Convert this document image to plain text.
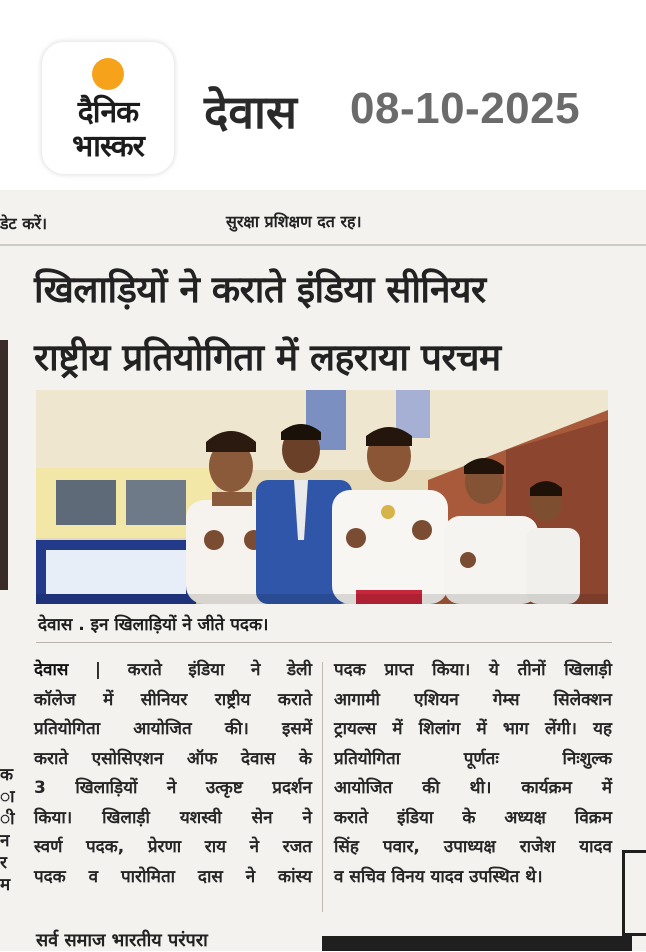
दैनिक
भास्कर
देवास 08-10-2025
डेट करें।	सुरक्षा प्रशिक्षण दत रह।
खिलाड़ियों ने कराते इंडिया सीनियर
राष्ट्रीय प्रतियोगिता में लहराया परचम
देवास . इन खिलाड़ियों ने जीते पदक।
देवास | कराते इंडिया ने डेली
कॉलेज में सीनियर राष्ट्रीय कराते
प्रतियोगिता आयोजित की। इसमें
कराते एसोसिएशन ऑफ देवास के
3 खिलाड़ियों ने उत्कृष्ट प्रदर्शन
किया। खिलाड़ी यशस्वी सेन ने
स्वर्ण पदक, प्रेरणा राय ने रजत
पदक व पारोमिता दास ने कांस्य
पदक प्राप्त किया। ये तीनों खिलाड़ी
आगामी एशियन गेम्स सिलेक्शन
ट्रायल्स में शिलांग में भाग लेंगी। यह
प्रतियोगिता पूर्णतः निःशुल्क
आयोजित की थी। कार्यक्रम में
कराते इंडिया के अध्यक्ष विक्रम
सिंह पवार, उपाध्यक्ष राजेश यादव
व सचिव विनय यादव उपस्थित थे।
क
ा
ी
न
र
म
सर्व समाज भारतीय परंपरा
